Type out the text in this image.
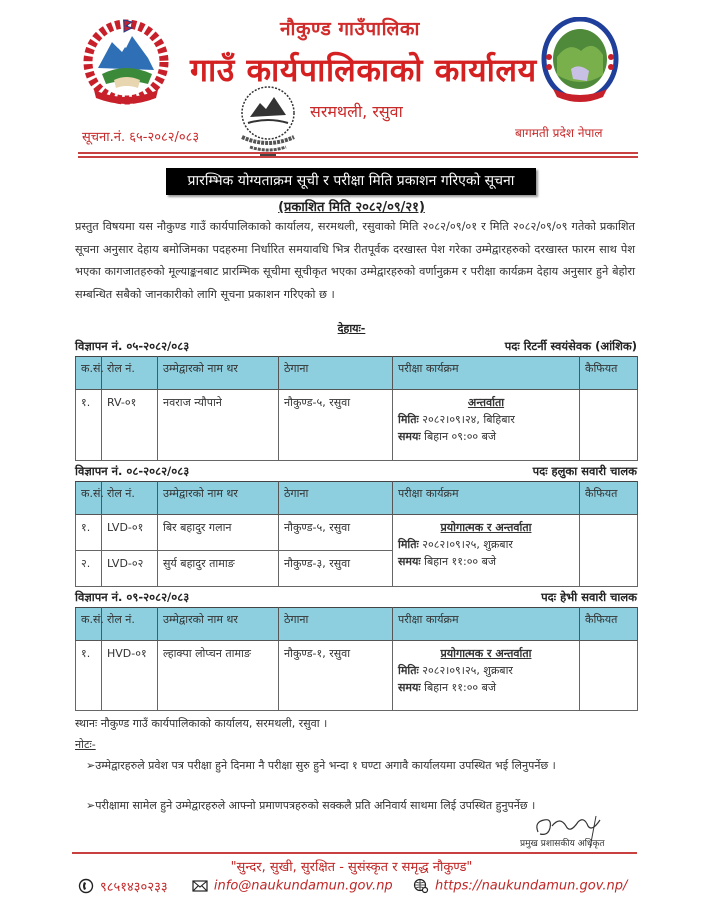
नौकुण्ड गाउँपालिका
गाउँ कार्यपालिकाको कार्यालय
सरमथली, रसुवा
सूचना.नं. ६५-२०८२/०८३	बागमती प्रदेश नेपाल
प्रारम्भिक योग्यताक्रम सूची र परीक्षा मिति प्रकाशन गरिएको सूचना
(प्रकाशित मिति २०८२/०९/२१)
प्रस्तुत विषयमा यस नौकुण्ड गाउँ कार्यपालिकाको कार्यालय, सरमथली, रसुवाको मिति २०८२/०९/०१ र मिति २०८२/०९/०९ गतेको प्रकाशित सूचना अनुसार देहाय बमोजिमका पदहरुमा निर्धारित समयावधि भित्र रीतपूर्वक दरखास्त पेश गरेका उम्मेद्वारहरुको दरखास्त फारम साथ पेश भएका कागजातहरुको मूल्याङ्कनबाट प्रारम्भिक सूचीमा सूचीकृत भएका उम्मेद्वारहरुको वर्णानुक्रम र परीक्षा कार्यक्रम देहाय अनुसार हुने बेहोरा सम्बन्धित सबैको जानकारीको लागि सूचना प्रकाशन गरिएको छ ।
देहायः-
विज्ञापन नं. ०५-२०८२/०८३	पदः रिटर्नी स्वयंसेवक (आंशिक)
क.सं.	रोल नं.	उम्मेद्वारको नाम थर	ठेगाना	परीक्षा कार्यक्रम	कैफियत
१.	RV-०१	नवराज न्यौपाने	नौकुण्ड-५, रसुवा	अन्तर्वाता
मितिः २०८२।०९।२४, बिहिबार
समयः बिहान ०९:०० बजे	
विज्ञापन नं. ०८-२०८२/०८३	पदः हलुका सवारी चालक
क.सं.	रोल नं.	उम्मेद्वारको नाम थर	ठेगाना	परीक्षा कार्यक्रम	कैफियत
१.	LVD-०१	बिर बहादुर गलान	नौकुण्ड-५, रसुवा	प्रयोगात्मक र अन्तर्वाता
मितिः २०८२।०९।२५, शुक्रबार
समयः बिहान ११:०० बजे	
२.	LVD-०२	सुर्य बहादुर तामाङ	नौकुण्ड-३, रसुवा		
विज्ञापन नं. ०९-२०८२/०८३	पदः हेभी सवारी चालक
क.सं.	रोल नं.	उम्मेद्वारको नाम थर	ठेगाना	परीक्षा कार्यक्रम	कैफियत
१.	HVD-०१	ल्हाक्पा लोप्चन तामाङ	नौकुण्ड-१, रसुवा	प्रयोगात्मक र अन्तर्वाता
मितिः २०८२।०९।२५, शुक्रबार
समयः बिहान ११:०० बजे	
स्थानः नौकुण्ड गाउँ कार्यपालिकाको कार्यालय, सरमथली, रसुवा ।
नोटः-
➢उम्मेद्वारहरुले प्रवेश पत्र परीक्षा हुने दिनमा नै परीक्षा सुरु हुने भन्दा १ घण्टा अगावै कार्यालयमा उपस्थित भई लिनुपर्नेछ ।
➢परीक्षामा सामेल हुने उम्मेद्वारहरुले आफ्नो प्रमाणपत्रहरुको सक्कलै प्रति अनिवार्य साथमा लिई उपस्थित हुनुपर्नेछ ।
प्रमुख प्रशासकीय अधिकृत
"सुन्दर, सुखी, सुरक्षित - सुसंस्कृत र समृद्ध नौकुण्ड"
९८५१४३०२३३	info@naukundamun.gov.np	https://naukundamun.gov.np/
